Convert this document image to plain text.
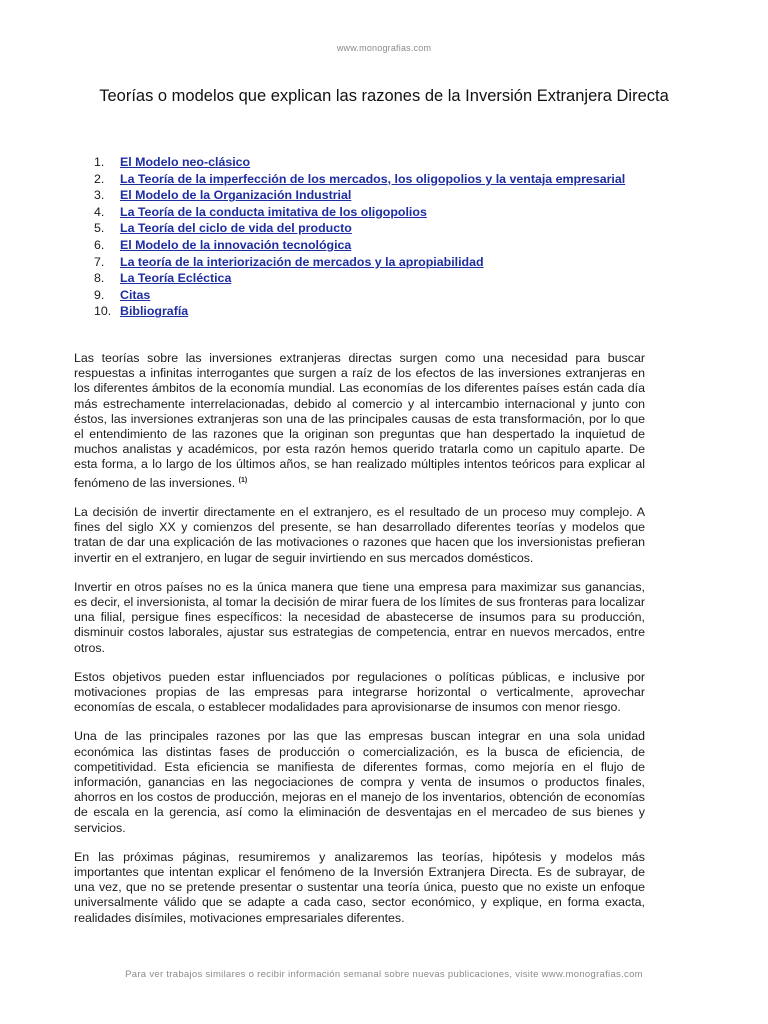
www.monografias.com
Teorías o modelos que explican las razones de la Inversión Extranjera Directa
1.	El Modelo neo-clásico
2.	La Teoría de la imperfección de los mercados, los oligopolios y la ventaja empresarial
3.	El Modelo de la Organización Industrial
4.	La Teoría de la conducta imitativa de los oligopolios
5.	La Teoría del ciclo de vida del producto
6.	El Modelo de la innovación tecnológica
7.	La teoría de la interiorización de mercados y la apropiabilidad
8.	La Teoría Ecléctica
9.	Citas
10. Bibliografía

Las teorías sobre las inversiones extranjeras directas surgen como una necesidad para buscar respuestas a infinitas interrogantes que surgen a raíz de los efectos de las inversiones extranjeras en los diferentes ámbitos de la economía mundial. Las economías de los diferentes países están cada día más estrechamente interrelacionadas, debido al comercio y al intercambio internacional y junto con éstos, las inversiones extranjeras son una de las principales causas de esta transformación, por lo que el entendimiento de las razones que la originan son preguntas que han despertado la inquietud de muchos analistas y académicos, por esta razón hemos querido tratarla como un capitulo aparte. De esta forma, a lo largo de los últimos años, se han realizado múltiples intentos teóricos para explicar al fenómeno de las inversiones. $^{(1)}$

La decisión de invertir directamente en el extranjero, es el resultado de un proceso muy complejo. A fines del siglo XX y comienzos del presente, se han desarrollado diferentes teorías y modelos que tratan de dar una explicación de las motivaciones o razones que hacen que los inversionistas prefieran invertir en el extranjero, en lugar de seguir invirtiendo en sus mercados domésticos.

Invertir en otros países no es la única manera que tiene una empresa para maximizar sus ganancias, es decir, el inversionista, al tomar la decisión de mirar fuera de los límites de sus fronteras para localizar una filial, persigue fines específicos: la necesidad de abastecerse de insumos para su producción, disminuir costos laborales, ajustar sus estrategias de competencia, entrar en nuevos mercados, entre otros.

Estos objetivos pueden estar influenciados por regulaciones o políticas públicas, e inclusive por motivaciones propias de las empresas para integrarse horizontal o verticalmente, aprovechar economías de escala, o establecer modalidades para aprovisionarse de insumos con menor riesgo.

Una de las principales razones por las que las empresas buscan integrar en una sola unidad económica las distintas fases de producción o comercialización, es la busca de eficiencia, de competitividad. Esta eficiencia se manifiesta de diferentes formas, como mejoría en el flujo de información, ganancias en las negociaciones de compra y venta de insumos o productos finales, ahorros en los costos de producción, mejoras en el manejo de los inventarios, obtención de economías de escala en la gerencia, así como la eliminación de desventajas en el mercadeo de sus bienes y servicios.

En las próximas páginas, resumiremos y analizaremos las teorías, hipótesis y modelos más importantes que intentan explicar el fenómeno de la Inversión Extranjera Directa. Es de subrayar, de una vez, que no se pretende presentar o sustentar una teoría única, puesto que no existe un enfoque universalmente válido que se adapte a cada caso, sector económico, y explique, en forma exacta, realidades disímiles, motivaciones empresariales diferentes.

Para ver trabajos similares o recibir información semanal sobre nuevas publicaciones, visite www.monografias.com
